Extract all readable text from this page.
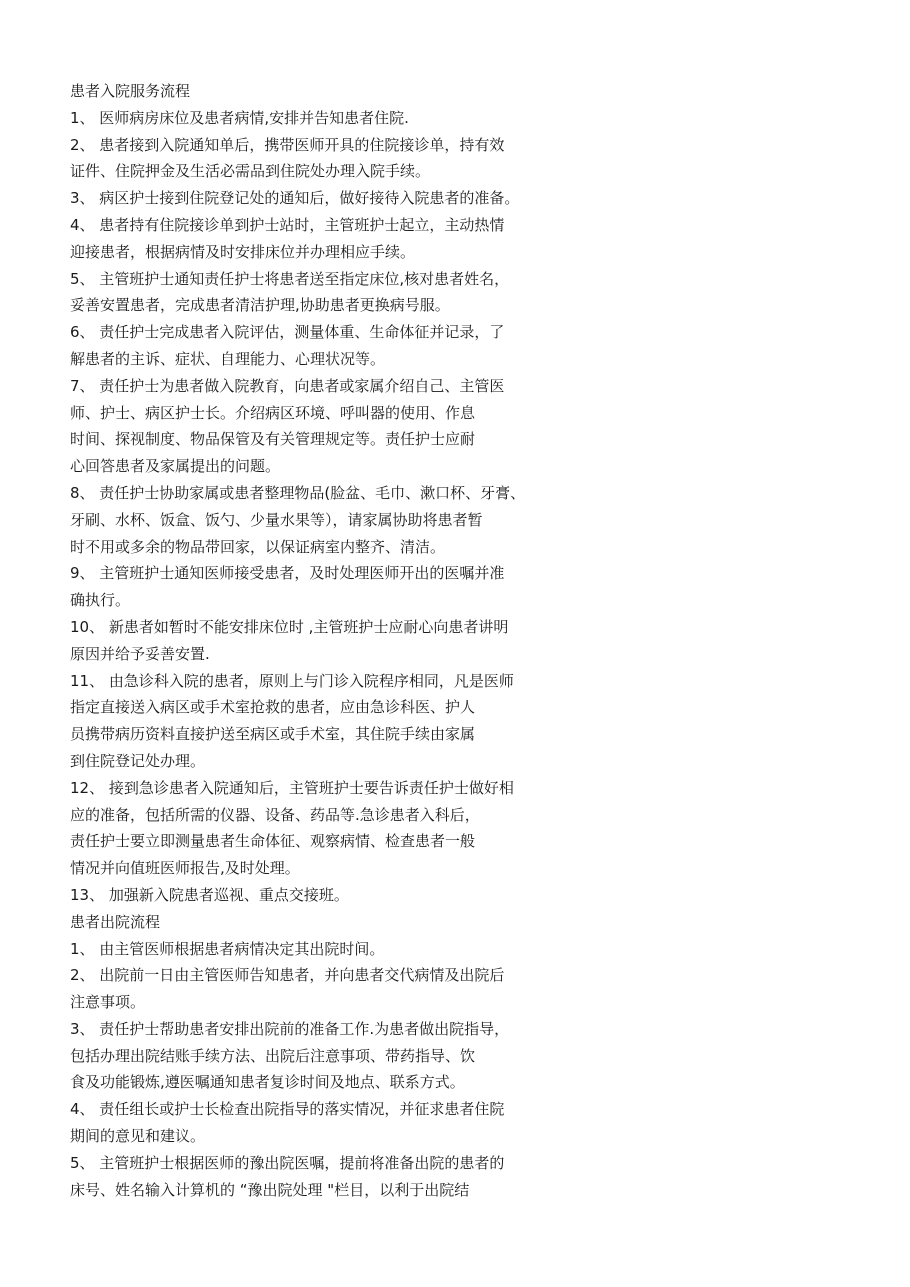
患者入院服务流程
1、 医师病房床位及患者病情,安排并告知患者住院.
2、 患者接到入院通知单后，携带医师开具的住院接诊单，持有效
证件、住院押金及生活必需品到住院处办理入院手续。
3、 病区护士接到住院登记处的通知后，做好接待入院患者的准备。
4、 患者持有住院接诊单到护士站时，主管班护士起立，主动热情
迎接患者，根据病情及时安排床位并办理相应手续。
5、 主管班护士通知责任护士将患者送至指定床位,核对患者姓名，
妥善安置患者，完成患者清洁护理,协助患者更换病号服。
6、 责任护士完成患者入院评估，测量体重、生命体征并记录，了
解患者的主诉、症状、自理能力、心理状况等。
7、 责任护士为患者做入院教育，向患者或家属介绍自己、主管医
师、护士、病区护士长。介绍病区环境、呼叫器的使用、作息
时间、探视制度、物品保管及有关管理规定等。责任护士应耐
心回答患者及家属提出的问题。
8、 责任护士协助家属或患者整理物品(脸盆、毛巾、漱口杯、牙膏、
牙刷、水杯、饭盒、饭勺、少量水果等），请家属协助将患者暂
时不用或多余的物品带回家，以保证病室内整齐、清洁。
9、 主管班护士通知医师接受患者，及时处理医师开出的医嘱并准
确执行。
10、 新患者如暂时不能安排床位时 ,主管班护士应耐心向患者讲明
原因并给予妥善安置.
11、 由急诊科入院的患者，原则上与门诊入院程序相同，凡是医师
指定直接送入病区或手术室抢救的患者，应由急诊科医、护人
员携带病历资料直接护送至病区或手术室，其住院手续由家属
到住院登记处办理。
12、 接到急诊患者入院通知后，主管班护士要告诉责任护士做好相
应的准备，包括所需的仪器、设备、药品等.急诊患者入科后，
责任护士要立即测量患者生命体征、观察病情、检查患者一般
情况并向值班医师报告,及时处理。
13、 加强新入院患者巡视、重点交接班。
患者出院流程
1、 由主管医师根据患者病情决定其出院时间。
2、 出院前一日由主管医师告知患者，并向患者交代病情及出院后
注意事项。
3、 责任护士帮助患者安排出院前的准备工作.为患者做出院指导，
包括办理出院结账手续方法、出院后注意事项、带药指导、饮
食及功能锻炼,遵医嘱通知患者复诊时间及地点、联系方式。
4、 责任组长或护士长检查出院指导的落实情况，并征求患者住院
期间的意见和建议。
5、 主管班护士根据医师的豫出院医嘱，提前将准备出院的患者的
床号、姓名输入计算机的 “豫出院处理 "栏目，以利于出院结
